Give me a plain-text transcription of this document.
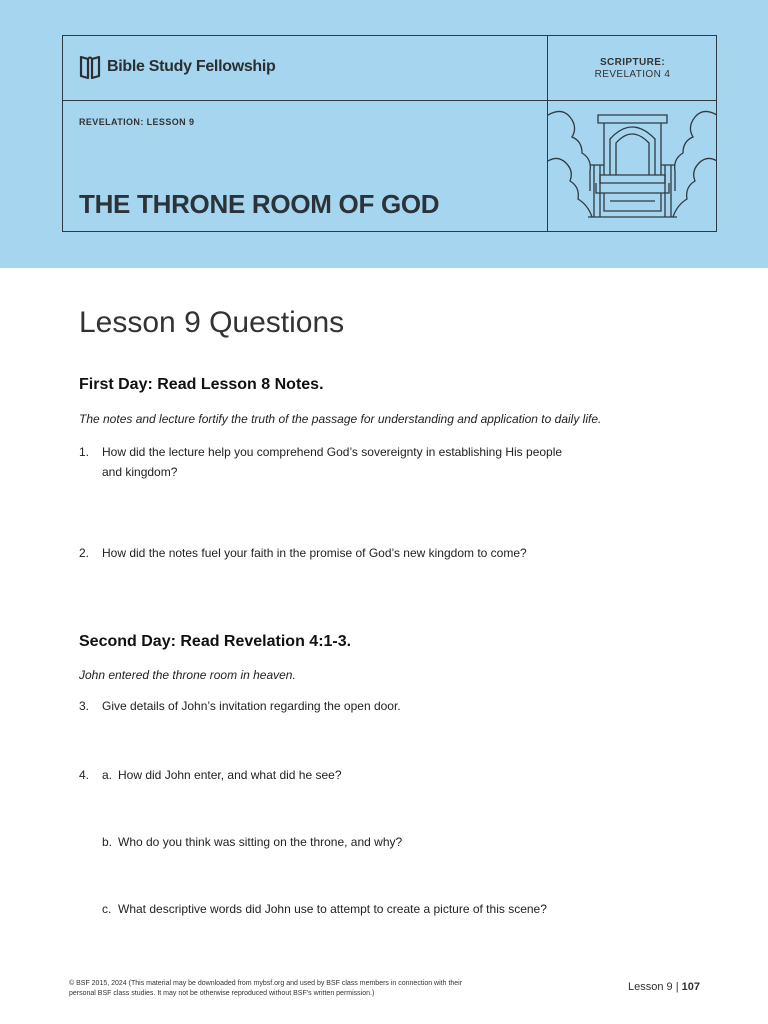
Bible Study Fellowship	SCRIPTURE:
REVELATION 4
REVELATION: LESSON 9
THE THRONE ROOM OF GOD
Lesson 9 Questions
First Day: Read Lesson 8 Notes.
The notes and lecture fortify the truth of the passage for understanding and application to daily life.
1. How did the lecture help you comprehend God’s sovereignty in establishing His people and kingdom?
2. How did the notes fuel your faith in the promise of God’s new kingdom to come?
Second Day: Read Revelation 4:1-3.
John entered the throne room in heaven.
3. Give details of John’s invitation regarding the open door.
4. a. How did John enter, and what did he see?
b. Who do you think was sitting on the throne, and why?
c. What descriptive words did John use to attempt to create a picture of this scene?
© BSF 2015, 2024 (This material may be downloaded from mybsf.org and used by BSF class members in connection with their personal BSF class studies. It may not be otherwise reproduced without BSF’s written permission.)
Lesson 9 | 107
